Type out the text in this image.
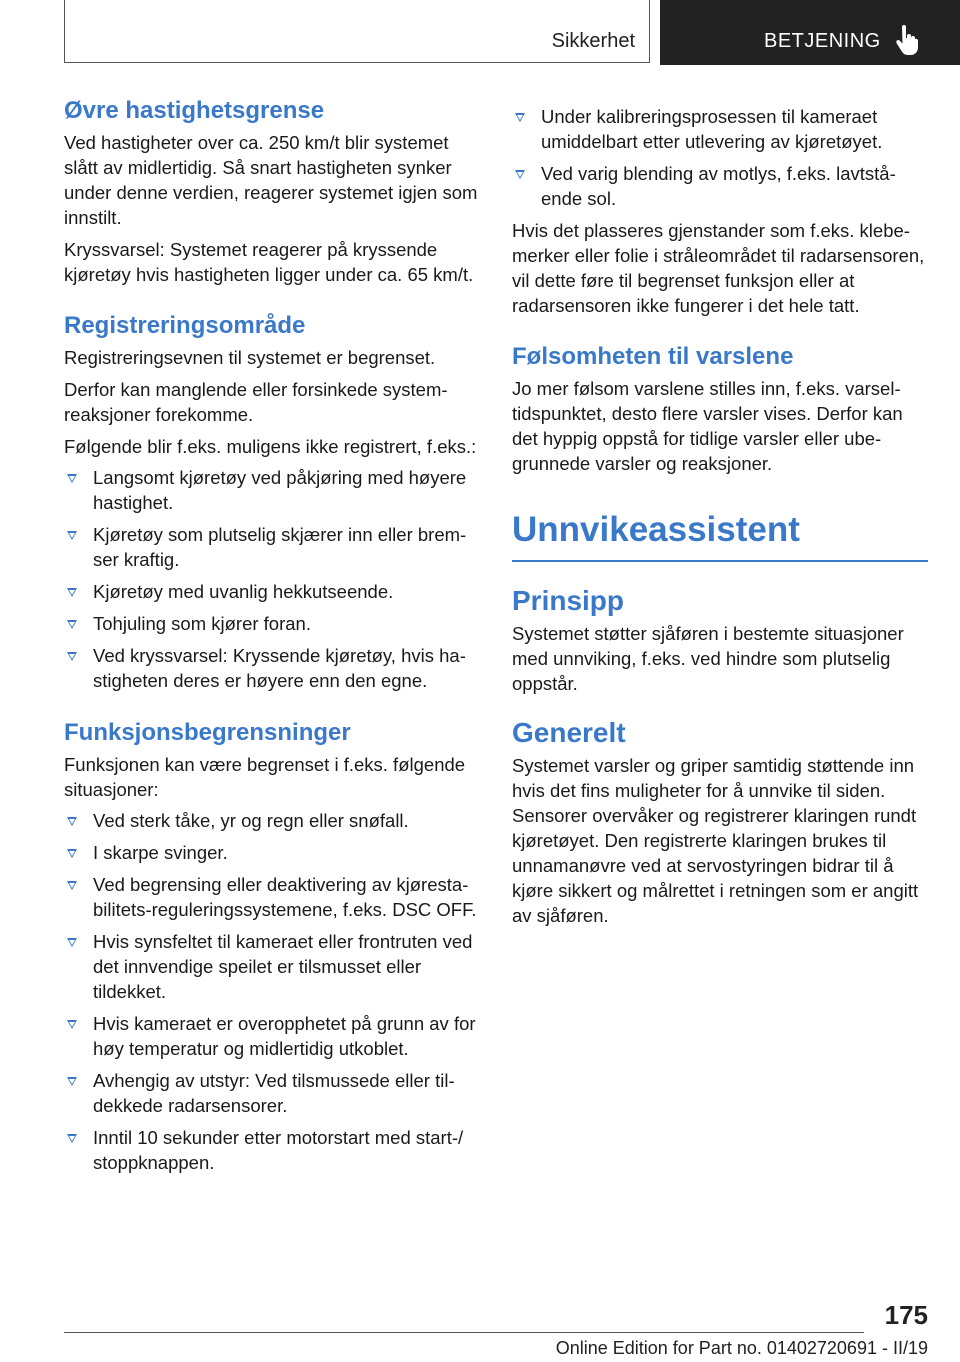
Sikkerhet	BETJENING
Øvre hastighetsgrense

Ved hastigheter over ca. 250 km/t blir systemet slått av midlertidig. Så snart hastigheten synker under denne verdien, reagerer systemet igjen som innstilt.

Kryssvarsel: Systemet reagerer på kryssende kjøretøy hvis hastigheten ligger under ca. 65 km/t.

Registreringsområde

Registreringsevnen til systemet er begrenset.

Derfor kan manglende eller forsinkede systemreaksjoner forekomme.

Følgende blir f.eks. muligens ikke registrert, f.eks.:

Langsomt kjøretøy ved påkjøring med høyere hastighet.
Kjøretøy som plutselig skjærer inn eller bremser kraftig.
Kjøretøy med uvanlig hekkutseende.
Tohjuling som kjører foran.
Ved kryssvarsel: Kryssende kjøretøy, hvis hastigheten deres er høyere enn den egne.
Funksjonsbegrensninger

Funksjonen kan være begrenset i f.eks. følgende situasjoner:

Ved sterk tåke, yr og regn eller snøfall.
I skarpe svinger.
Ved begrensing eller deaktivering av kjørestabilitets-reguleringssystemene, f.eks. DSC OFF.
Hvis synsfeltet til kameraet eller frontruten ved det innvendige speilet er tilsmusset eller tildekket.
Hvis kameraet er overopphetet på grunn av for høy temperatur og midlertidig utkoblet.
Avhengig av utstyr: Ved tilsmussede eller tildekkede radarsensorer.
Inntil 10 sekunder etter motorstart med start-/ stoppknappen.
Under kalibreringsprosessen til kameraet umiddelbart etter utlevering av kjøretøyet.
Ved varig blending av motlys, f.eks. lavtstående sol.

Hvis det plasseres gjenstander som f.eks. klebemerker eller folie i stråleområdet til radarsensoren, vil dette føre til begrenset funksjon eller at radarsensoren ikke fungerer i det hele tatt.

Følsomheten til varslene

Jo mer følsom varslene stilles inn, f.eks. varseltidspunktet, desto flere varsler vises. Derfor kan det hyppig oppstå for tidlige varsler eller ubegrunnede varsler og reaksjoner.

Unnvikeassistent
Prinsipp

Systemet støtter sjåføren i bestemte situasjoner med unnviking, f.eks. ved hindre som plutselig oppstår.

Generelt

Systemet varsler og griper samtidig støttende inn hvis det fins muligheter for å unnvike til siden. Sensorer overvåker og registrerer klaringen rundt kjøretøyet. Den registrerte klaringen brukes til unnamanøvre ved at servostyringen bidrar til å kjøre sikkert og målrettet i retningen som er angitt av sjåføren.

175
Online Edition for Part no. 01402720691 - II/19
